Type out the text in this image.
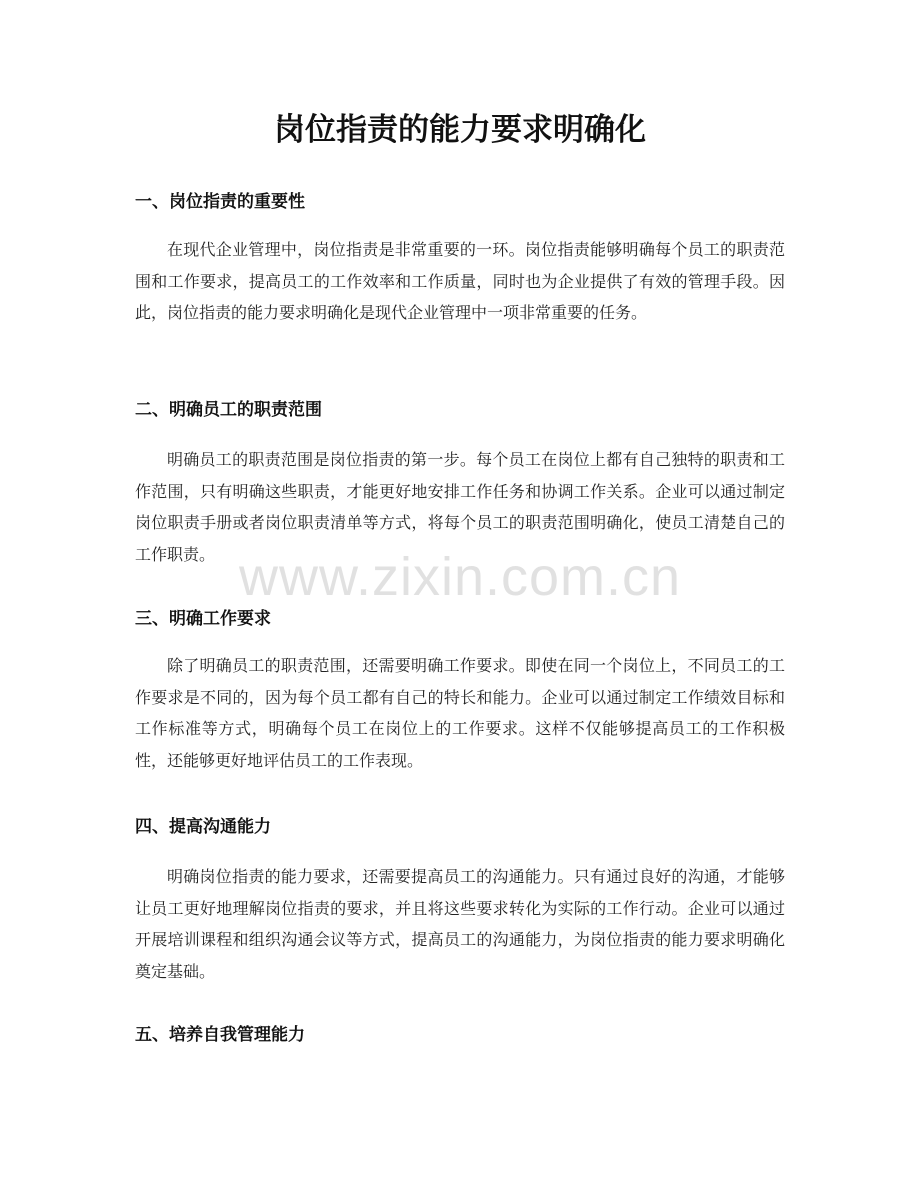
岗位指责的能力要求明确化
一、岗位指责的重要性

在现代企业管理中，岗位指责是非常重要的一环。岗位指责能够明确每个员工的职责范围和工作要求，提高员工的工作效率和工作质量，同时也为企业提供了有效的管理手段。因此，岗位指责的能力要求明确化是现代企业管理中一项非常重要的任务。

二、明确员工的职责范围

明确员工的职责范围是岗位指责的第一步。每个员工在岗位上都有自己独特的职责和工作范围，只有明确这些职责，才能更好地安排工作任务和协调工作关系。企业可以通过制定岗位职责手册或者岗位职责清单等方式，将每个员工的职责范围明确化，使员工清楚自己的工作职责。

三、明确工作要求

除了明确员工的职责范围，还需要明确工作要求。即使在同一个岗位上，不同员工的工作要求是不同的，因为每个员工都有自己的特长和能力。企业可以通过制定工作绩效目标和工作标准等方式，明确每个员工在岗位上的工作要求。这样不仅能够提高员工的工作积极性，还能够更好地评估员工的工作表现。

四、提高沟通能力

明确岗位指责的能力要求，还需要提高员工的沟通能力。只有通过良好的沟通，才能够让员工更好地理解岗位指责的要求，并且将这些要求转化为实际的工作行动。企业可以通过开展培训课程和组织沟通会议等方式，提高员工的沟通能力，为岗位指责的能力要求明确化奠定基础。

五、培养自我管理能力
www.zixin.com.cn
